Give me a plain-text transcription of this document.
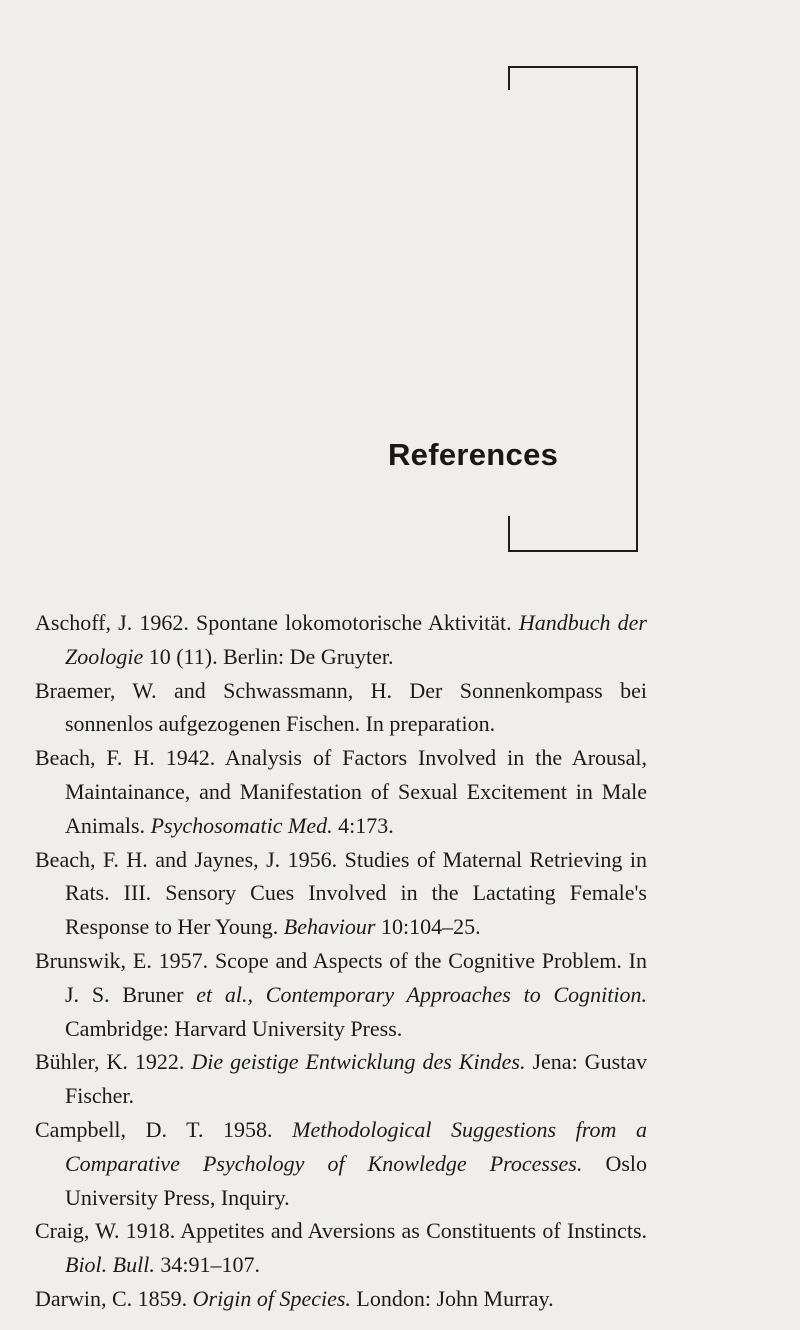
References
Aschoff, J. 1962. Spontane lokomotorische Aktivität. Handbuch der Zoologie 10 (11). Berlin: De Gruyter.
Braemer, W. and Schwassmann, H. Der Sonnenkompass bei sonnenlos aufgezogenen Fischen. In preparation.
Beach, F. H. 1942. Analysis of Factors Involved in the Arousal, Maintainance, and Manifestation of Sexual Excitement in Male Animals. Psychosomatic Med. 4:173.
Beach, F. H. and Jaynes, J. 1956. Studies of Maternal Retrieving in Rats. III. Sensory Cues Involved in the Lactating Female's Response to Her Young. Behaviour 10:104–25.
Brunswik, E. 1957. Scope and Aspects of the Cognitive Problem. In J. S. Bruner et al., Contemporary Approaches to Cognition. Cambridge: Harvard University Press.
Bühler, K. 1922. Die geistige Entwicklung des Kindes. Jena: Gustav Fischer.
Campbell, D. T. 1958. Methodological Suggestions from a Comparative Psychology of Knowledge Processes. Oslo University Press, Inquiry.
Craig, W. 1918. Appetites and Aversions as Constituents of Instincts. Biol. Bull. 34:91–107.
Darwin, C. 1859. Origin of Species. London: John Murray.
